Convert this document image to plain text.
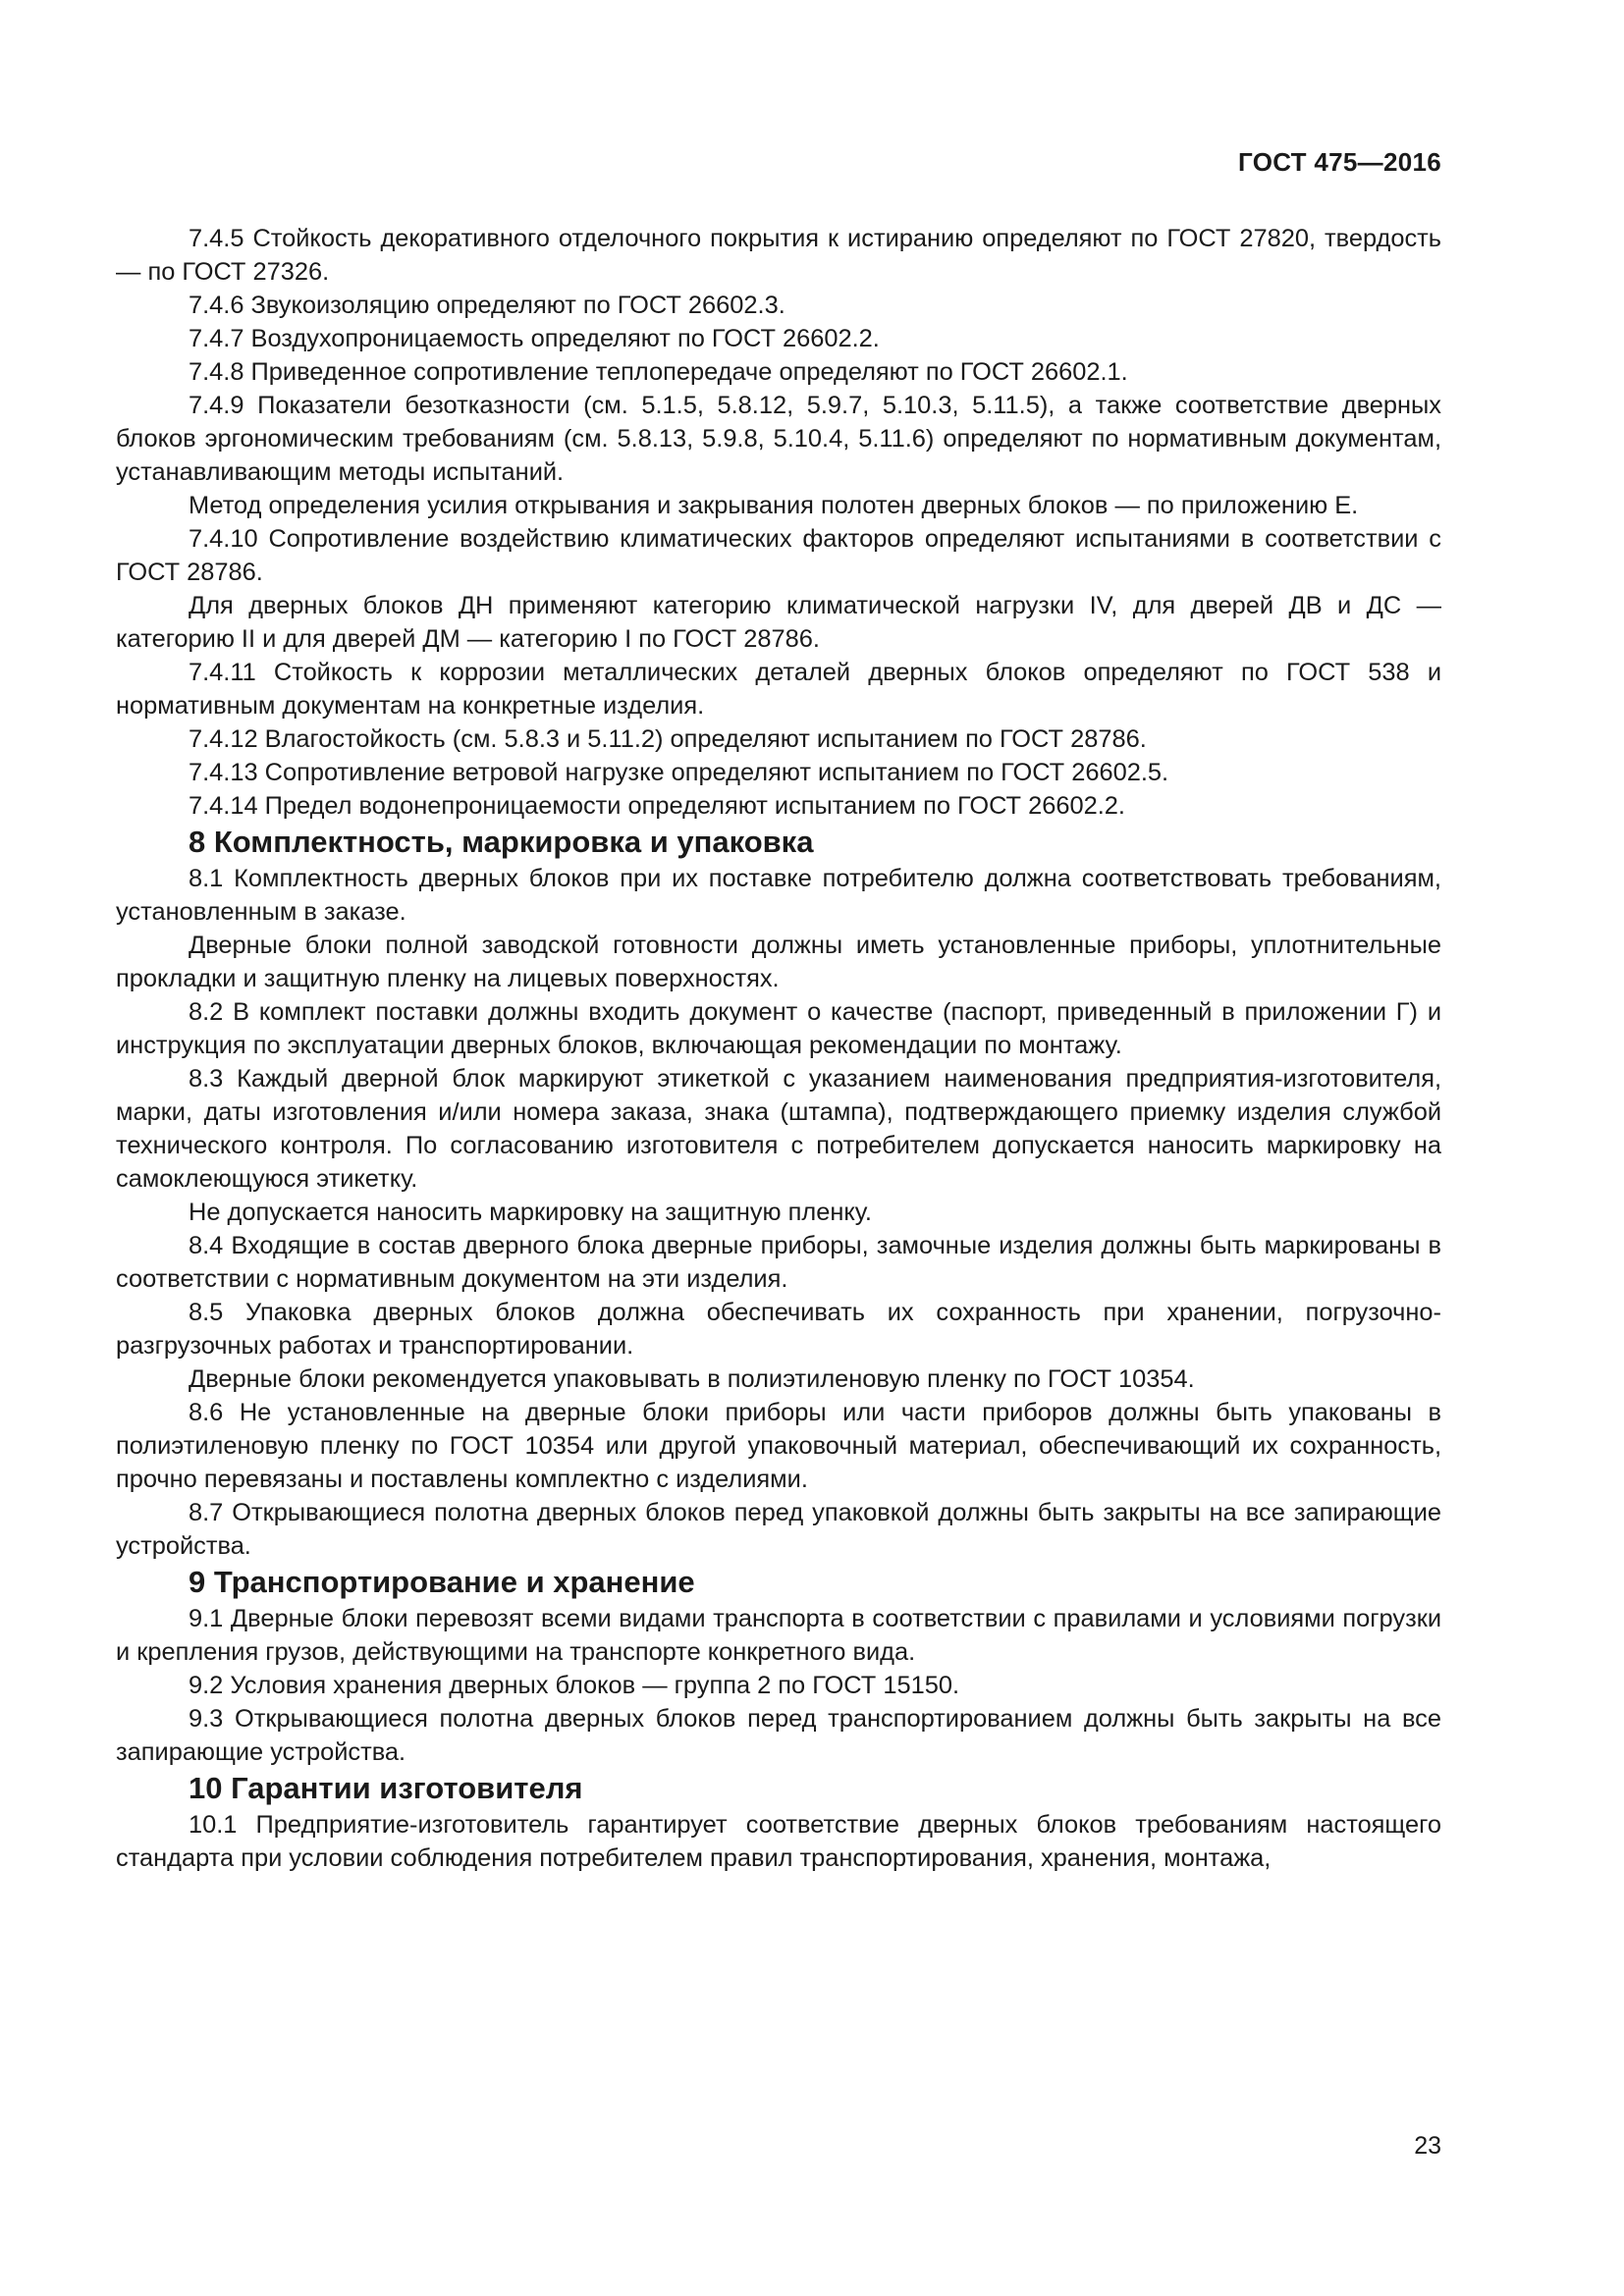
ГОСТ 475—2016

7.4.5 Стойкость декоративного отделочного покрытия к истиранию определяют по ГОСТ 27820, твердость — по ГОСТ 27326.

7.4.6 Звукоизоляцию определяют по ГОСТ 26602.3.

7.4.7 Воздухопроницаемость определяют по ГОСТ 26602.2.

7.4.8 Приведенное сопротивление теплопередаче определяют по ГОСТ 26602.1.

7.4.9 Показатели безотказности (см. 5.1.5, 5.8.12, 5.9.7, 5.10.3, 5.11.5), а также соответствие дверных блоков эргономическим требованиям (см. 5.8.13, 5.9.8, 5.10.4, 5.11.6) определяют по нормативным документам, устанавливающим методы испытаний.

Метод определения усилия открывания и закрывания полотен дверных блоков — по приложению Е.

7.4.10 Сопротивление воздействию климатических факторов определяют испытаниями в соответствии с ГОСТ 28786.

Для дверных блоков ДН применяют категорию климатической нагрузки IV, для дверей ДВ и ДС — категорию II и для дверей ДМ — категорию I по ГОСТ 28786.

7.4.11 Стойкость к коррозии металлических деталей дверных блоков определяют по ГОСТ 538 и нормативным документам на конкретные изделия.

7.4.12 Влагостойкость (см. 5.8.3 и 5.11.2) определяют испытанием по ГОСТ 28786.

7.4.13 Сопротивление ветровой нагрузке определяют испытанием по ГОСТ 26602.5.

7.4.14 Предел водонепроницаемости определяют испытанием по ГОСТ 26602.2.

8 Комплектность, маркировка и упаковка

8.1 Комплектность дверных блоков при их поставке потребителю должна соответствовать требованиям, установленным в заказе.

Дверные блоки полной заводской готовности должны иметь установленные приборы, уплотнительные прокладки и защитную пленку на лицевых поверхностях.

8.2 В комплект поставки должны входить документ о качестве (паспорт, приведенный в приложении Г) и инструкция по эксплуатации дверных блоков, включающая рекомендации по монтажу.

8.3 Каждый дверной блок маркируют этикеткой с указанием наименования предприятия-изготовителя, марки, даты изготовления и/или номера заказа, знака (штампа), подтверждающего приемку изделия службой технического контроля. По согласованию изготовителя с потребителем допускается наносить маркировку на самоклеющуюся этикетку.

Не допускается наносить маркировку на защитную пленку.

8.4 Входящие в состав дверного блока дверные приборы, замочные изделия должны быть маркированы в соответствии с нормативным документом на эти изделия.

8.5 Упаковка дверных блоков должна обеспечивать их сохранность при хранении, погрузочно-разгрузочных работах и транспортировании.

Дверные блоки рекомендуется упаковывать в полиэтиленовую пленку по ГОСТ 10354.

8.6 Не установленные на дверные блоки приборы или части приборов должны быть упакованы в полиэтиленовую пленку по ГОСТ 10354 или другой упаковочный материал, обеспечивающий их сохранность, прочно перевязаны и поставлены комплектно с изделиями.

8.7 Открывающиеся полотна дверных блоков перед упаковкой должны быть закрыты на все запирающие устройства.

9 Транспортирование и хранение

9.1 Дверные блоки перевозят всеми видами транспорта в соответствии с правилами и условиями погрузки и крепления грузов, действующими на транспорте конкретного вида.

9.2 Условия хранения дверных блоков — группа 2 по ГОСТ 15150.

9.3 Открывающиеся полотна дверных блоков перед транспортированием должны быть закрыты на все запирающие устройства.

10 Гарантии изготовителя

10.1 Предприятие-изготовитель гарантирует соответствие дверных блоков требованиям настоящего стандарта при условии соблюдения потребителем правил транспортирования, хранения, монтажа,

23
